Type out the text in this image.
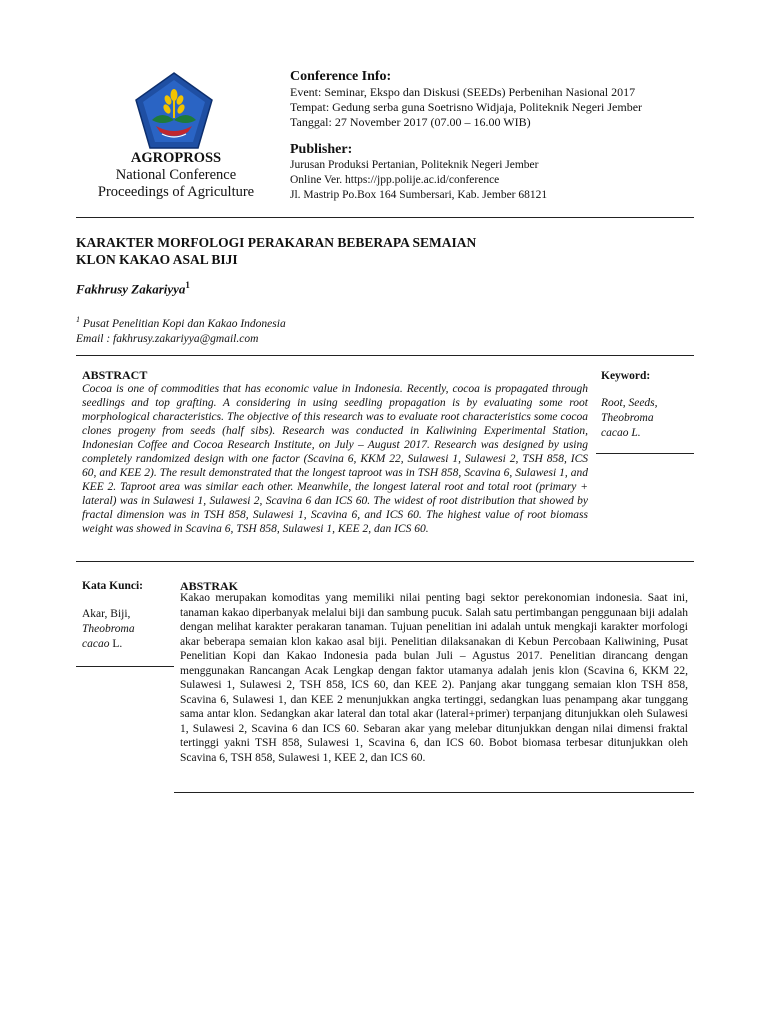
AGROPROSS
National Conference
Proceedings of Agriculture
Conference Info:
Event: Seminar, Ekspo dan Diskusi (SEEDs) Perbenihan Nasional 2017
Tempat: Gedung serba guna Soetrisno Widjaja, Politeknik Negeri Jember
Tanggal: 27 November 2017 (07.00 – 16.00 WIB)
Publisher:
Jurusan Produksi Pertanian, Politeknik Negeri Jember
Online Ver. https://jpp.polije.ac.id/conference
Jl. Mastrip Po.Box 164 Sumbersari, Kab. Jember 68121
KARAKTER MORFOLOGI PERAKARAN BEBERAPA SEMAIAN
KLON KAKAO ASAL BIJI
Fakhrusy Zakariyya$^1$
$^1$ Pusat Penelitian Kopi dan Kakao Indonesia
Email : fakhrusy.zakariyya@gmail.com
ABSTRACT
Cocoa is one of commodities that has economic value in Indonesia. Recently, cocoa is propagated through seedlings and top grafting. A considering in using seedling propagation is by evaluating some root morphological characteristics. The objective of this research was to evaluate root characteristics some cocoa clones progeny from seeds (half sibs). Research was conducted in Kaliwining Experimental Station, Indonesian Coffee and Cocoa Research Institute, on July – August 2017. Research was designed by using completely randomized design with one factor (Scavina 6, KKM 22, Sulawesi 1, Sulawesi 2, TSH 858, ICS 60, and KEE 2). The result demonstrated that the longest taproot was in TSH 858, Scavina 6, Sulawesi 1, and KEE 2. Taproot area was similar each other. Meanwhile, the longest lateral root and total root (primary + lateral) was in Sulawesi 1, Sulawesi 2, Scavina 6 dan ICS 60. The widest of root distribution that showed by fractal dimension was in TSH 858, Sulawesi 1, Scavina 6, and ICS 60. The highest value of root biomass weight was showed in Scavina 6, TSH 858, Sulawesi 1, KEE 2, dan ICS 60.
Keyword:
Root, Seeds,
Theobroma
cacao L.
Kata Kunci:
Akar, Biji,
Theobroma
cacao L.
ABSTRAK
Kakao merupakan komoditas yang memiliki nilai penting bagi sektor perekonomian indonesia. Saat ini, tanaman kakao diperbanyak melalui biji dan sambung pucuk. Salah satu pertimbangan penggunaan biji adalah dengan melihat karakter perakaran tanaman. Tujuan penelitian ini adalah untuk mengkaji karakter morfologi akar beberapa semaian klon kakao asal biji. Penelitian dilaksanakan di Kebun Percobaan Kaliwining, Pusat Penelitian Kopi dan Kakao Indonesia pada bulan Juli – Agustus 2017. Penelitian dirancang dengan menggunakan Rancangan Acak Lengkap dengan faktor utamanya adalah jenis klon (Scavina 6, KKM 22, Sulawesi 1, Sulawesi 2, TSH 858, ICS 60, dan KEE 2). Panjang akar tunggang semaian klon TSH 858, Scavina 6, Sulawesi 1, dan KEE 2 menunjukkan angka tertinggi, sedangkan luas penampang akar tunggang sama antar klon. Sedangkan akar lateral dan total akar (lateral+primer) terpanjang ditunjukkan oleh Sulawesi 1, Sulawesi 2, Scavina 6 dan ICS 60. Sebaran akar yang melebar ditunjukkan dengan nilai dimensi fraktal tertinggi yakni TSH 858, Sulawesi 1, Scavina 6, dan ICS 60. Bobot biomasa terbesar ditunjukkan oleh Scavina 6, TSH 858, Sulawesi 1, KEE 2, dan ICS 60.
